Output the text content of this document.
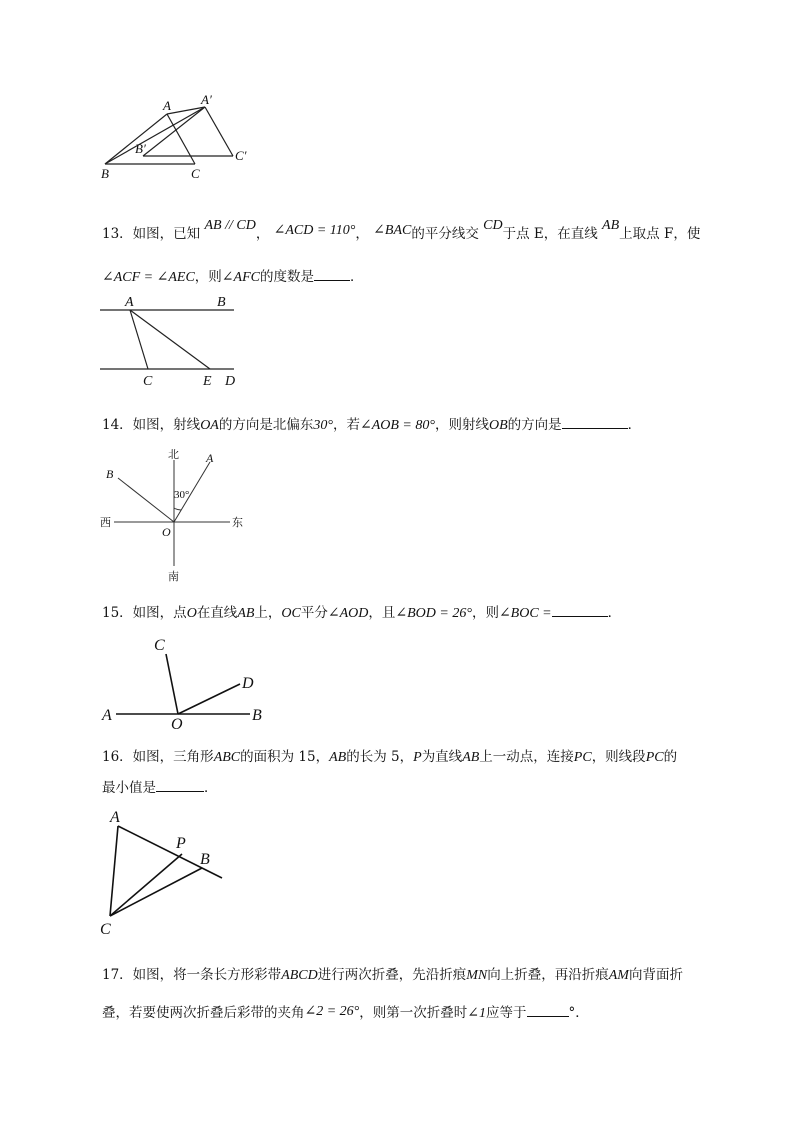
A A′
B′
B	C
C′
13．如图，已知 AB // CD， ∠ACD = 110°， ∠BAC的平分线交 CD于点 E，在直线 AB上取点 F，使
∠ACF = ∠AEC，则∠AFC的度数是	．
A	B
C	E D
14．如图，射线OA的方向是北偏东30°，若∠AOB = 80°，则射线OB的方向是	．
北
南
西	东
A
B
O
30°
15．如图，点O在直线AB上，OC平分∠AOD，且∠BOD = 26°，则∠BOC =	．
A
O
B
C
D
16．如图，三角形ABC的面积为 15，AB的长为 5，P为直线AB上一动点，连接PC，则线段PC的
最小值是	．
A
P
B
C
17．如图，将一条长方形彩带ABCD进行两次折叠，先沿折痕MN向上折叠，再沿折痕AM向背面折
叠，若要使两次折叠后彩带的夹角∠2 = 26°，则第一次折叠时∠1应等于	°．
